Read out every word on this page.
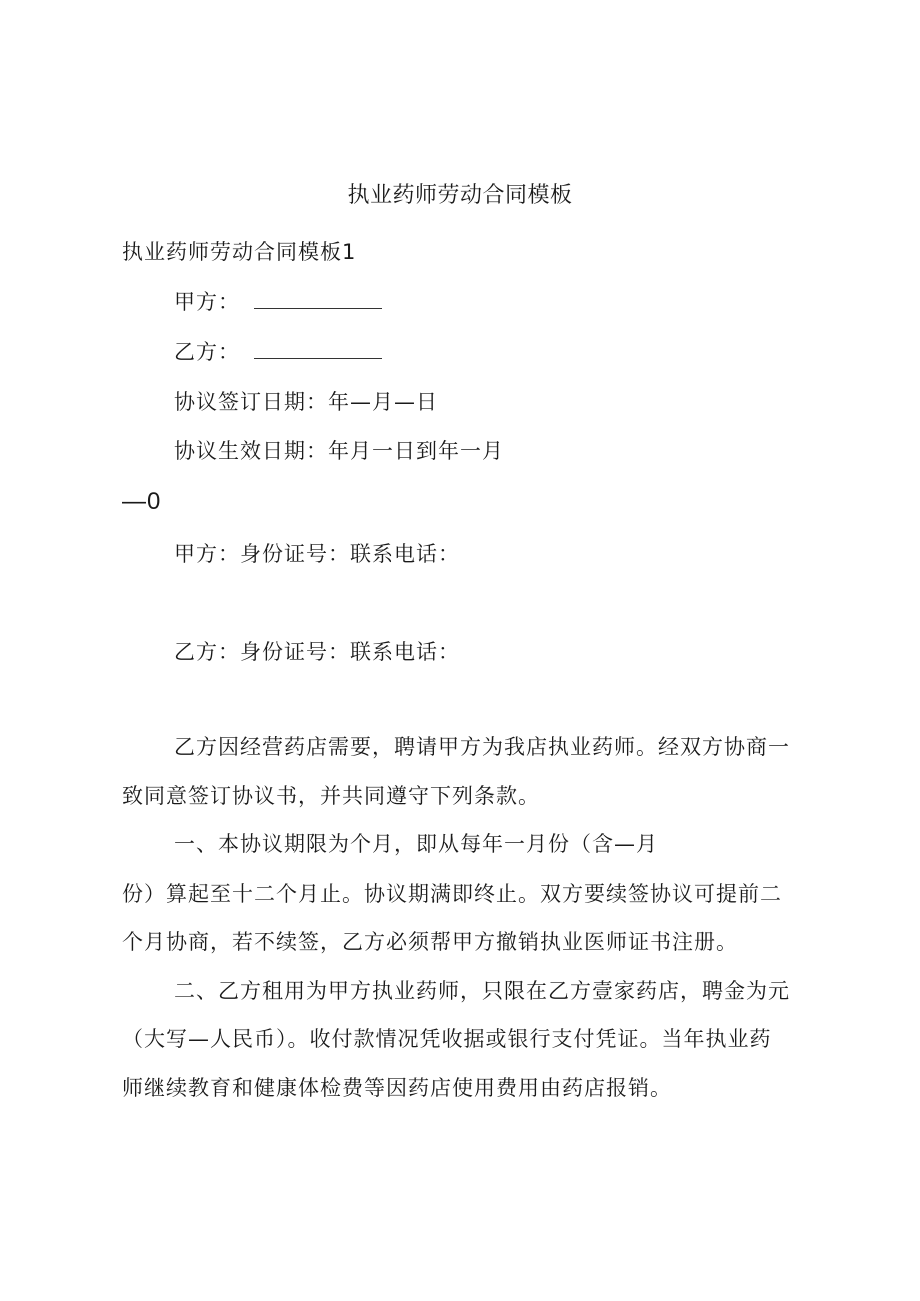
执业药师劳动合同模板
执业药师劳动合同模板1
甲方：
乙方：
协议签订日期：年—月—日
协议生效日期：年月一日到年一月
—0
甲方：身份证号：联系电话：
乙方：身份证号：联系电话：
乙方因经营药店需要，聘请甲方为我店执业药师。经双方协商一
致同意签订协议书，并共同遵守下列条款。
一、本协议期限为个月，即从每年一月份（含—月
份）算起至十二个月止。协议期满即终止。双方要续签协议可提前二
个月协商，若不续签，乙方必须帮甲方撤销执业医师证书注册。
二、乙方租用为甲方执业药师，只限在乙方壹家药店，聘金为元
（大写—人民币）。收付款情况凭收据或银行支付凭证。当年执业药
师继续教育和健康体检费等因药店使用费用由药店报销。
